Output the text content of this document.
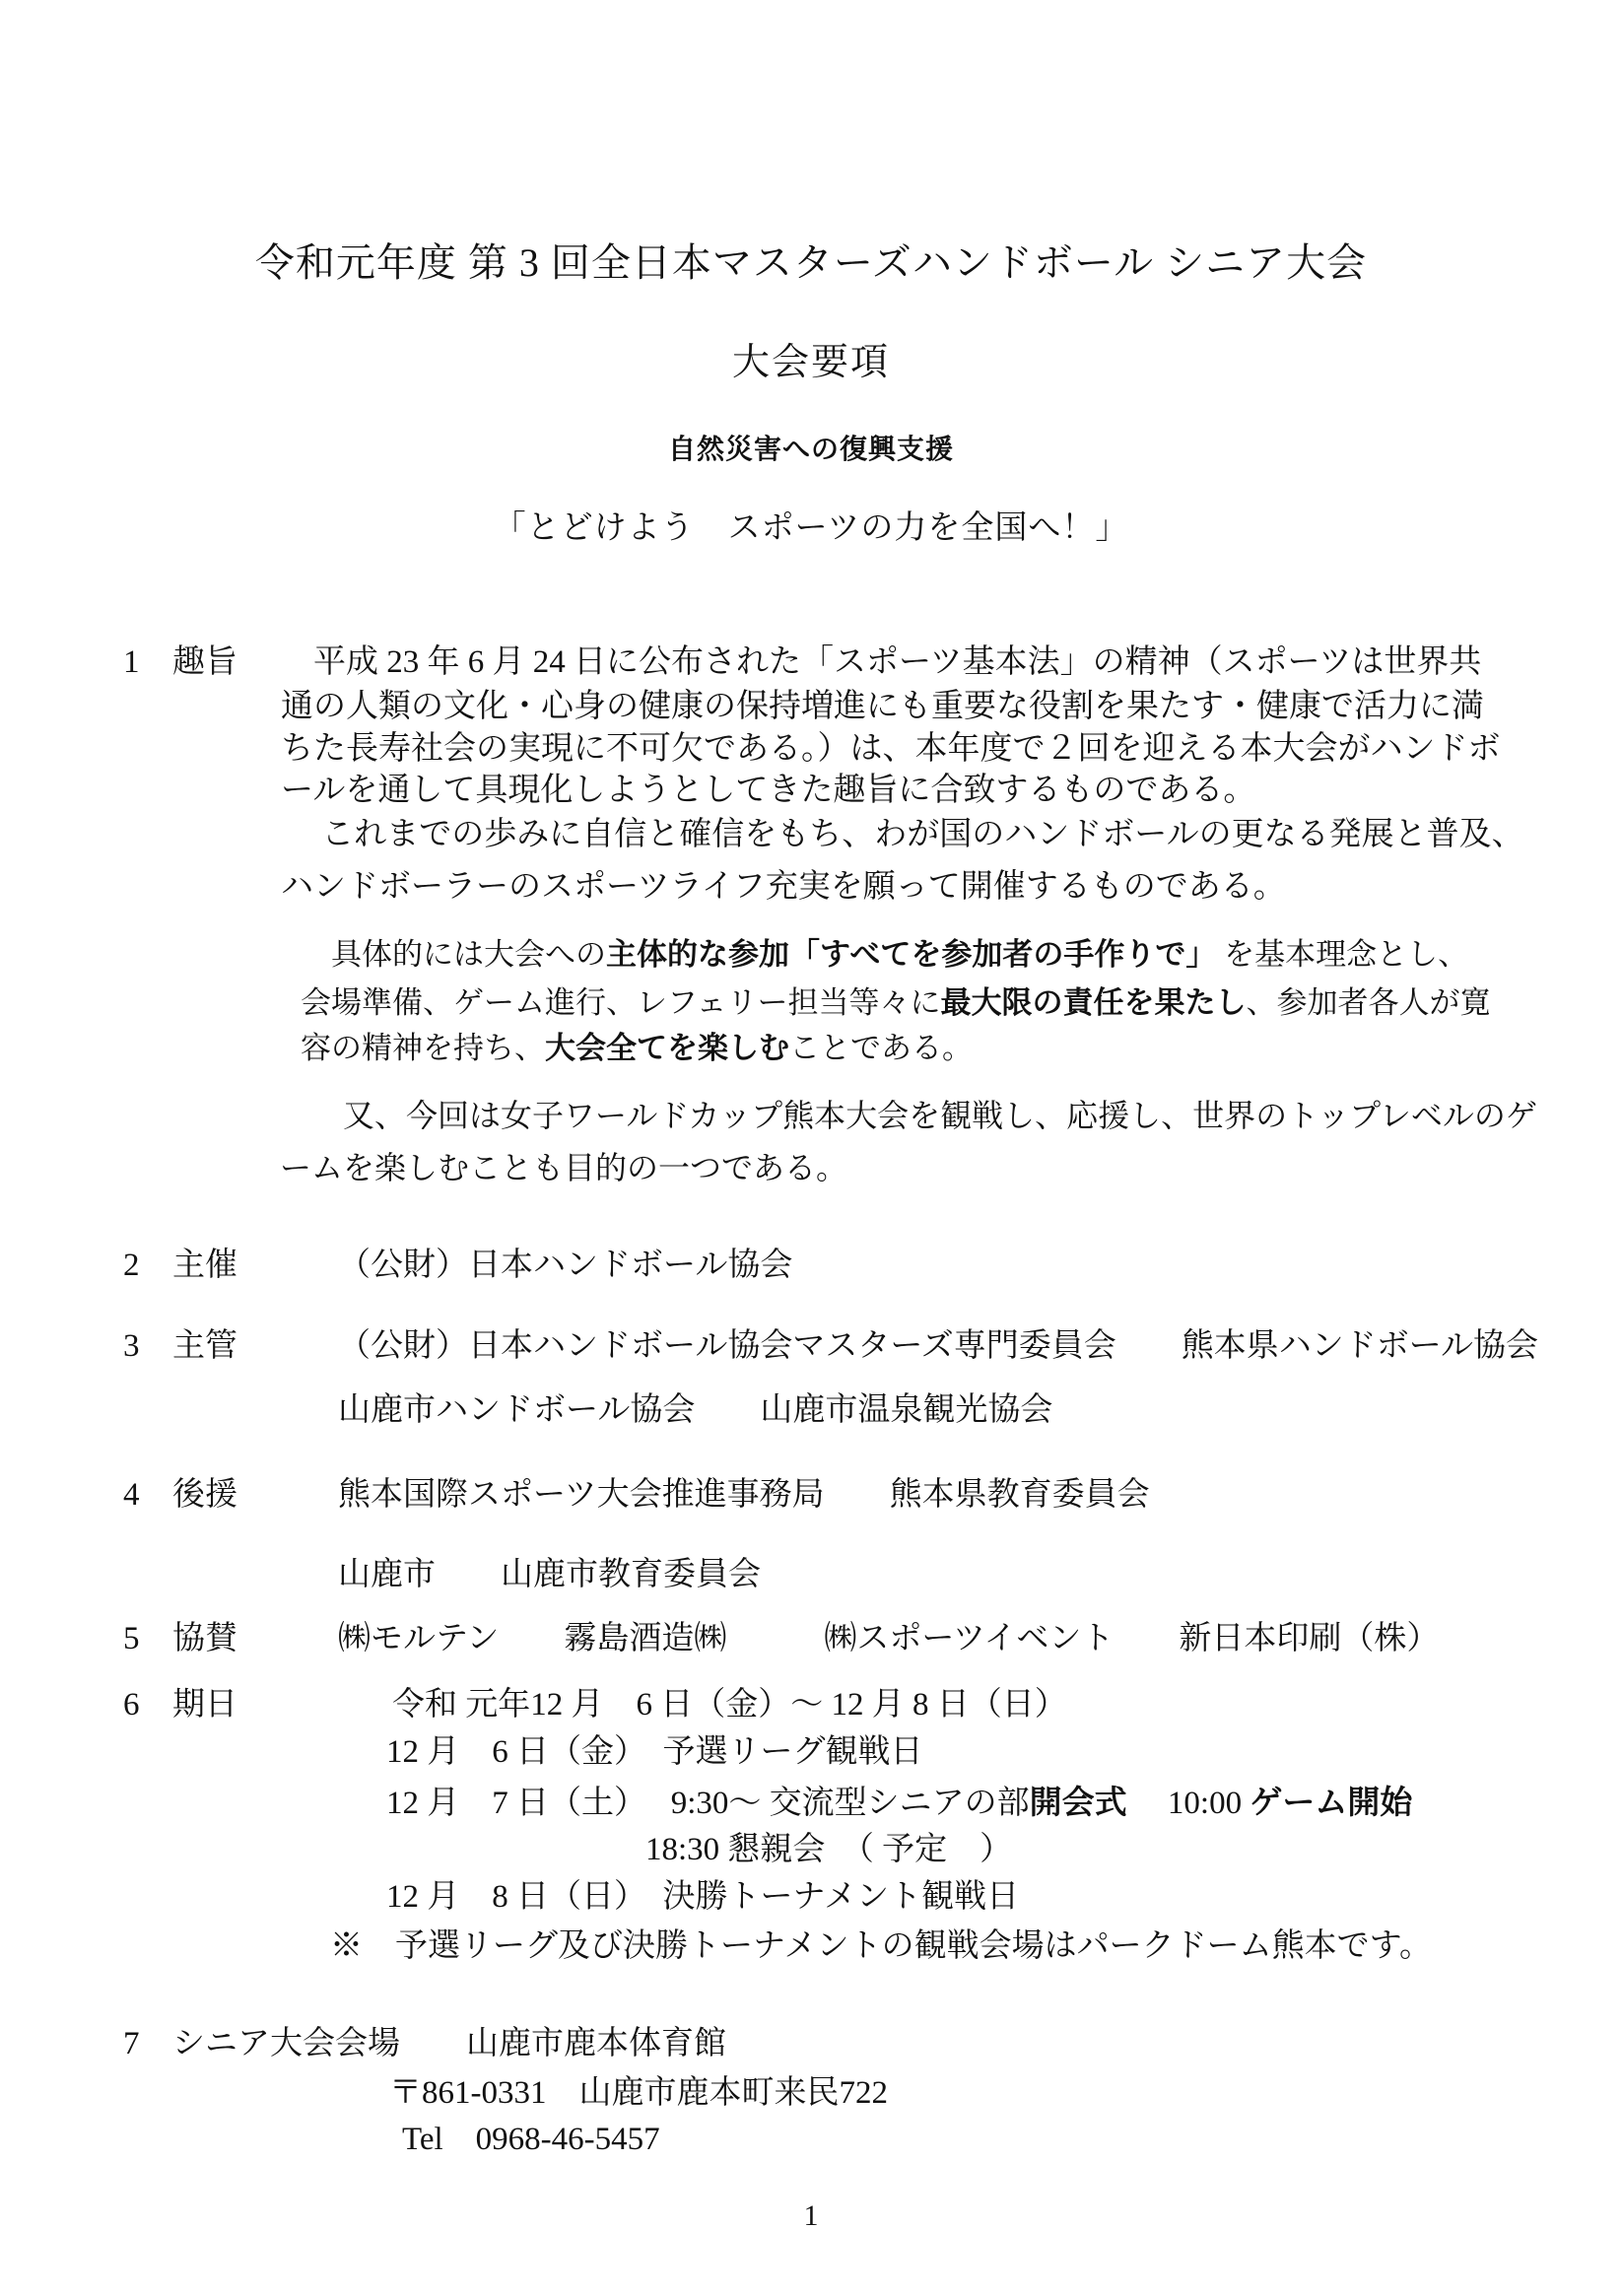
令和元年度 第 3 回全日本マスターズハンドボール シニア大会
大会要項
自然災害への復興支援
「とどけよう　スポーツの力を全国へ！」
1 趣旨 　平成 23 年 6 月 24 日に公布された「スポーツ基本法」の精神（スポーツは世界共
通の人類の文化・心身の健康の保持増進にも重要な役割を果たす・健康で活力に満
ちた長寿社会の実現に不可欠である。）は、本年度で２回を迎える本大会がハンドボ
ールを通して具現化しようとしてきた趣旨に合致するものである。
　 これまでの歩みに自信と確信をもち、わが国のハンドボールの更なる発展と普及、
ハンドボーラーのスポーツライフ充実を願って開催するものである。
　具体的には大会への主体的な参加「すべてを参加者の手作りで」 を基本理念とし、
会場準備、ゲーム進行、レフェリー担当等々に最大限の責任を果たし、参加者各人が寛
容の精神を持ち、大会全てを楽しむことである。
　　又、今回は女子ワールドカップ熊本大会を観戦し、応援し、世界のトップレベルのゲ
ームを楽しむことも目的の一つである。
2 主催	（公財）日本ハンドボール協会
3 主管	（公財）日本ハンドボール協会マスターズ専門委員会　　熊本県ハンドボール協会
山鹿市ハンドボール協会　　山鹿市温泉観光協会
4 後援	熊本国際スポーツ大会推進事務局　　熊本県教育委員会
山鹿市　　山鹿市教育委員会
5 協賛	㈱モルテン　　霧島酒造㈱　　　㈱スポーツイベント　　新日本印刷（株）
6 期日	令和 元年12 月　6 日（金）～ 12 月 8 日（日）
12 月　6 日（金）　予選リーグ観戦日
12 月　7 日（土）　 9:30～ 交流型シニアの部開会式　 10:00 ゲーム開始
18:30 懇親会　（ 予定　）
12 月　8 日（日）　決勝トーナメント観戦日
※　予選リーグ及び決勝トーナメントの観戦会場はパークドーム熊本です。
7 シニア大会会場 山鹿市鹿本体育館
〒861-0331　山鹿市鹿本町来民722
Tel　0968-46-5457
1
